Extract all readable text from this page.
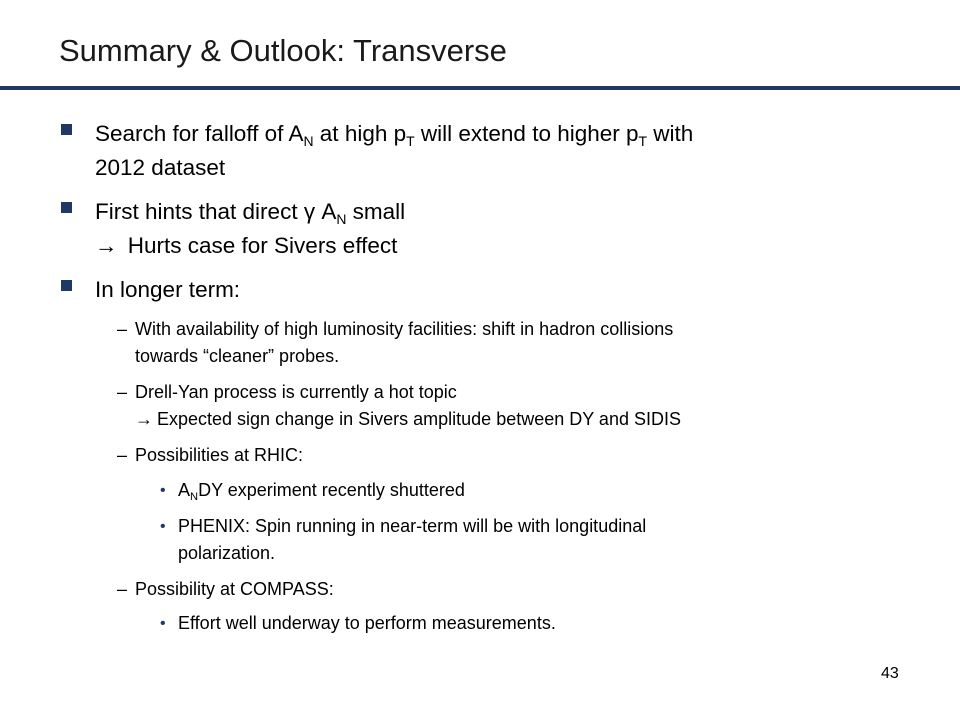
Summary & Outlook: Transverse
Search for falloff of $A_N$ at high $p_T$ will extend to higher $p_T$ with
2012 dataset
First hints that direct γ $A_N$ small
→ Hurts case for Sivers effect
In longer term:
– With availability of high luminosity facilities: shift in hadron collisions
towards “cleaner” probes.
– Drell-Yan process is currently a hot topic
→ Expected sign change in Sivers amplitude between DY and SIDIS
– Possibilities at RHIC:
• $A_NDY$ experiment recently shuttered
• PHENIX: Spin running in near-term will be with longitudinal
polarization.
– Possibility at COMPASS:
• Effort well underway to perform measurements.
43
